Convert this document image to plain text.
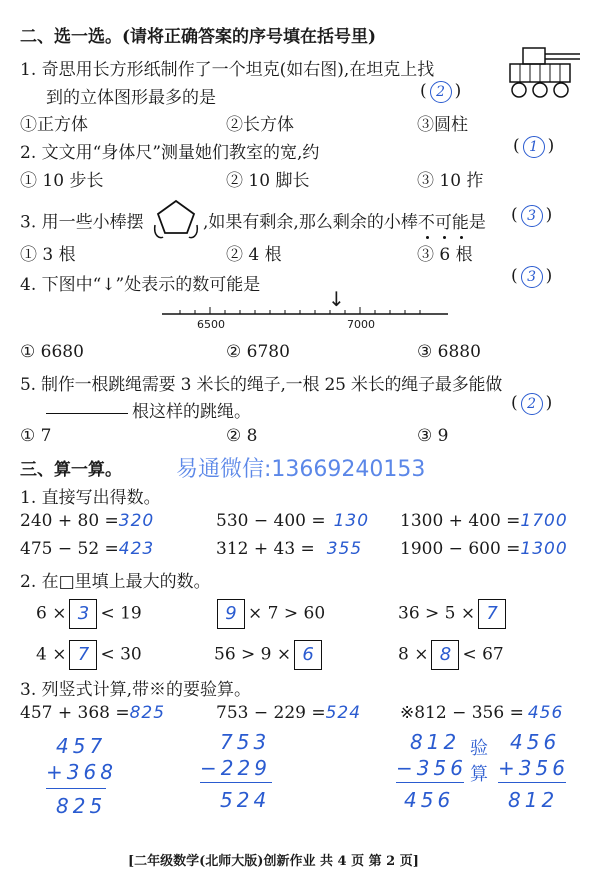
二、选一选。(请将正确答案的序号填在括号里)
1. 奇思用长方形纸制作了一个坦克(如右图),在坦克上找
到的立体图形最多的是	( 2 )
①正方体	②长方体	③圆柱
2. 文文用“身体尺”测量她们教室的宽,约	( 1 )
① 10 步长	② 10 脚长	③ 10 拃
3. 用一些小棒摆	,如果有剩余,那么剩余的小棒不可能是 ( 3 )
① 3 根	② 4 根	③ 6 根
4. 下图中“↓”处表示的数可能是	( 3 )
↓
6500	7000
① 6680	② 6780	③ 6880
5. 制作一根跳绳需要 3 米长的绳子,一根 25 米长的绳子最多能做
根这样的跳绳。	( 2 )
① 7	② 8	③ 9
三、算一算。 易通微信:13669240153
1. 直接写出得数。
240 + 80 =320	530 − 400 = 130 1300 + 400 =1700
475 − 52 =423	312 + 43 = 355 1900 − 600 =1300
2. 在□里填上最大的数。
6 × 3 < 19	9 × 7 > 60	36 > 5 × 7
4 × 7 < 30	56 > 9 × 6	8 × 8 < 67
3. 列竖式计算,带※的要验算。
457 + 368 =825	753 − 229 =524 ※812 − 356 = 456
457
+368
825
753
−229
524
812
−356
456
验
算
456
+356
812
[二年级数学(北师大版)创新作业 共 4 页 第 2 页]
